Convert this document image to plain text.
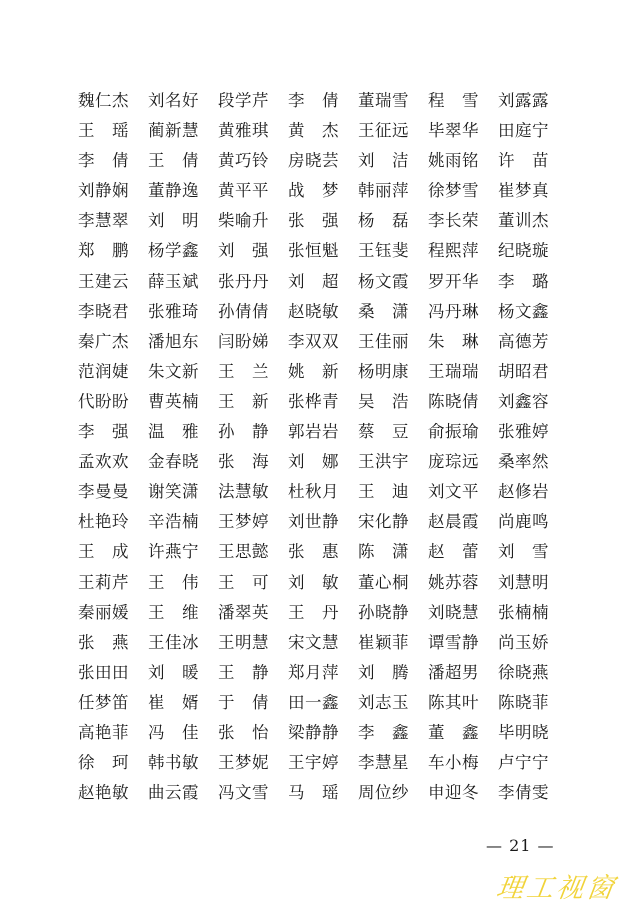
魏仁杰	刘名好	段学芹	李　倩	董瑞雪	程　雪	刘露露
王　瑶	蔺新慧	黄雅琪	黄　杰	王征远	毕翠华	田庭宁
李　倩	王　倩	黄巧铃	房晓芸	刘　洁	姚雨铭	许　苗
刘静娴	董静逸	黄平平	战　梦	韩丽萍	徐梦雪	崔梦真
李慧翠	刘　明	柴喻升	张　强	杨　磊	李长荣	董训杰
郑　鹏	杨学鑫	刘　强	张恒魁	王钰斐	程熙萍	纪晓璇
王建云	薛玉斌	张丹丹	刘　超	杨文霞	罗开华	李　璐
李晓君	张雅琦	孙倩倩	赵晓敏	桑　潇	冯丹琳	杨文鑫
秦广杰	潘旭东	闫盼娣	李双双	王佳丽	朱　琳	高德芳
范润婕	朱文新	王　兰	姚　新	杨明康	王瑞瑞	胡昭君
代盼盼	曹英楠	王　新	张桦青	吴　浩	陈晓倩	刘鑫容
李　强	温　雅	孙　静	郭岩岩	蔡　豆	俞振瑜	张雅婷
孟欢欢	金春晓	张　海	刘　娜	王洪宇	庞琮远	桑率然
李曼曼	谢笑潇	法慧敏	杜秋月	王　迪	刘文平	赵修岩
杜艳玲	辛浩楠	王梦婷	刘世静	宋化静	赵晨霞	尚鹿鸣
王　成	许燕宁	王思懿	张　惠	陈　潇	赵　蕾	刘　雪
王莉芹	王　伟	王　可	刘　敏	董心桐	姚苏蓉	刘慧明
秦丽媛	王　维	潘翠英	王　丹	孙晓静	刘晓慧	张楠楠
张　燕	王佳冰	王明慧	宋文慧	崔颖菲	谭雪静	尚玉娇
张田田	刘　暖	王　静	郑月萍	刘　腾	潘超男	徐晓燕
任梦笛	崔　婿	于　倩	田一鑫	刘志玉	陈其叶	陈晓菲
高艳菲	冯　佳	张　怡	梁静静	李　鑫	董　鑫	毕明晓
徐　珂	韩书敏	王梦妮	王宇婷	李慧星	车小梅	卢宁宁
赵艳敏	曲云霞	冯文雪	马　瑶	周位纱	申迎冬	李倩雯
— 21 —
理工视窗
